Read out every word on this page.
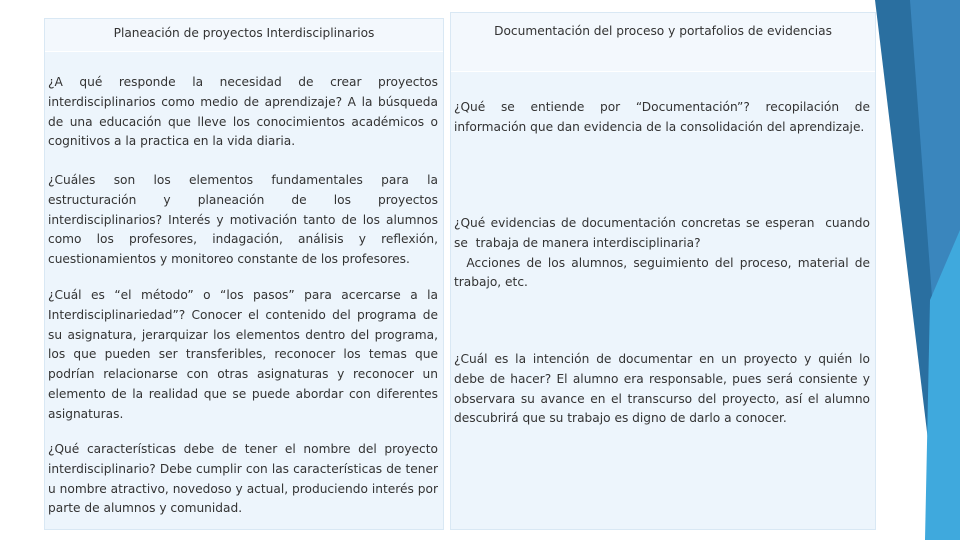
Planeación de proyectos Interdisciplinarios

¿A qué responde la necesidad de crear proyectos interdisciplinarios como medio de aprendizaje? A la búsqueda de una educación que lleve los conocimientos académicos o cognitivos a la practica en la vida diaria.

¿Cuáles son los elementos fundamentales para la estructuración y planeación de los proyectos interdisciplinarios? Interés y motivación tanto de los alumnos como los profesores, indagación, análisis y reflexión, cuestionamientos y monitoreo constante de los profesores.

¿Cuál es “el método” o “los pasos” para acercarse a la Interdisciplinariedad”? Conocer el contenido del programa de su asignatura, jerarquizar los elementos dentro del programa, los que pueden ser transferibles, reconocer los temas que podrían relacionarse con otras asignaturas y reconocer un elemento de la realidad que se puede abordar con diferentes asignaturas.

¿Qué características debe de tener el nombre del proyecto interdisciplinario? Debe cumplir con las características de tener u nombre atractivo, novedoso y actual, produciendo interés por parte de alumnos y comunidad.

Documentación del proceso y portafolios de evidencias

¿Qué se entiende por “Documentación”? recopilación de información que dan evidencia de la consolidación del aprendizaje.

¿Qué evidencias de documentación concretas se esperan  cuando se  trabaja de manera interdisciplinaria?
Acciones de los alumnos, seguimiento del proceso, material de trabajo, etc.

¿Cuál es la intención de documentar en un proyecto y quién lo debe de hacer? El alumno era responsable, pues será consiente y observara su avance en el transcurso del proyecto, así el alumno descubrirá que su trabajo es digno de darlo a conocer.
